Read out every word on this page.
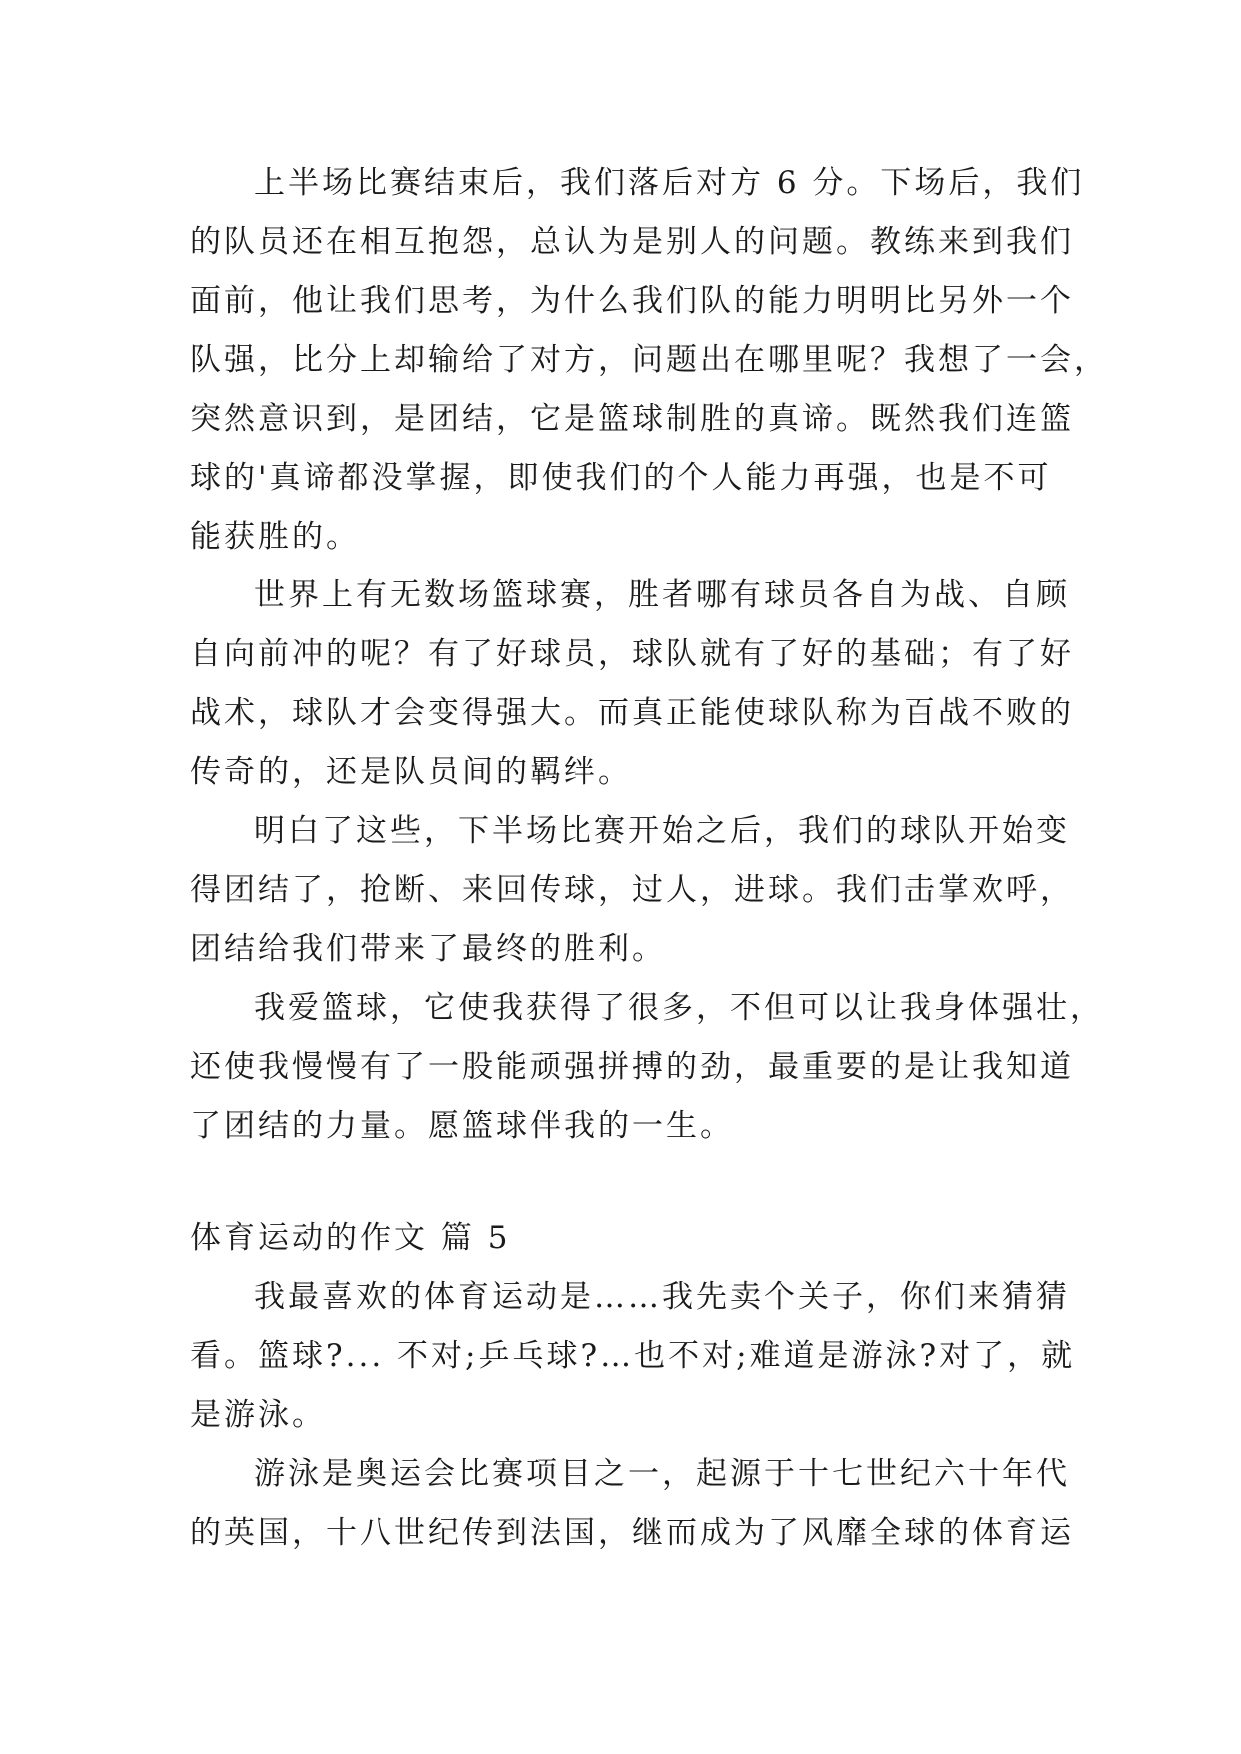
上半场比赛结束后，我们落后对方 6 分。下场后，我们
的队员还在相互抱怨，总认为是别人的问题。教练来到我们
面前，他让我们思考，为什么我们队的能力明明比另外一个
队强，比分上却输给了对方，问题出在哪里呢？我想了一会，
突然意识到，是团结，它是篮球制胜的真谛。既然我们连篮
球的'真谛都没掌握，即使我们的个人能力再强，也是不可
能获胜的。
世界上有无数场篮球赛，胜者哪有球员各自为战、自顾
自向前冲的呢？有了好球员，球队就有了好的基础；有了好
战术，球队才会变得强大。而真正能使球队称为百战不败的
传奇的，还是队员间的羁绊。
明白了这些，下半场比赛开始之后，我们的球队开始变
得团结了，抢断、来回传球，过人，进球。我们击掌欢呼，
团结给我们带来了最终的胜利。
我爱篮球，它使我获得了很多，不但可以让我身体强壮，
还使我慢慢有了一股能顽强拼搏的劲，最重要的是让我知道
了团结的力量。愿篮球伴我的一生。
体育运动的作文 篇 5
我最喜欢的体育运动是……我先卖个关子，你们来猜猜
看。篮球?... 不对;乒乓球?…也不对;难道是游泳?对了，就
是游泳。
游泳是奥运会比赛项目之一，起源于十七世纪六十年代
的英国，十八世纪传到法国，继而成为了风靡全球的体育运
